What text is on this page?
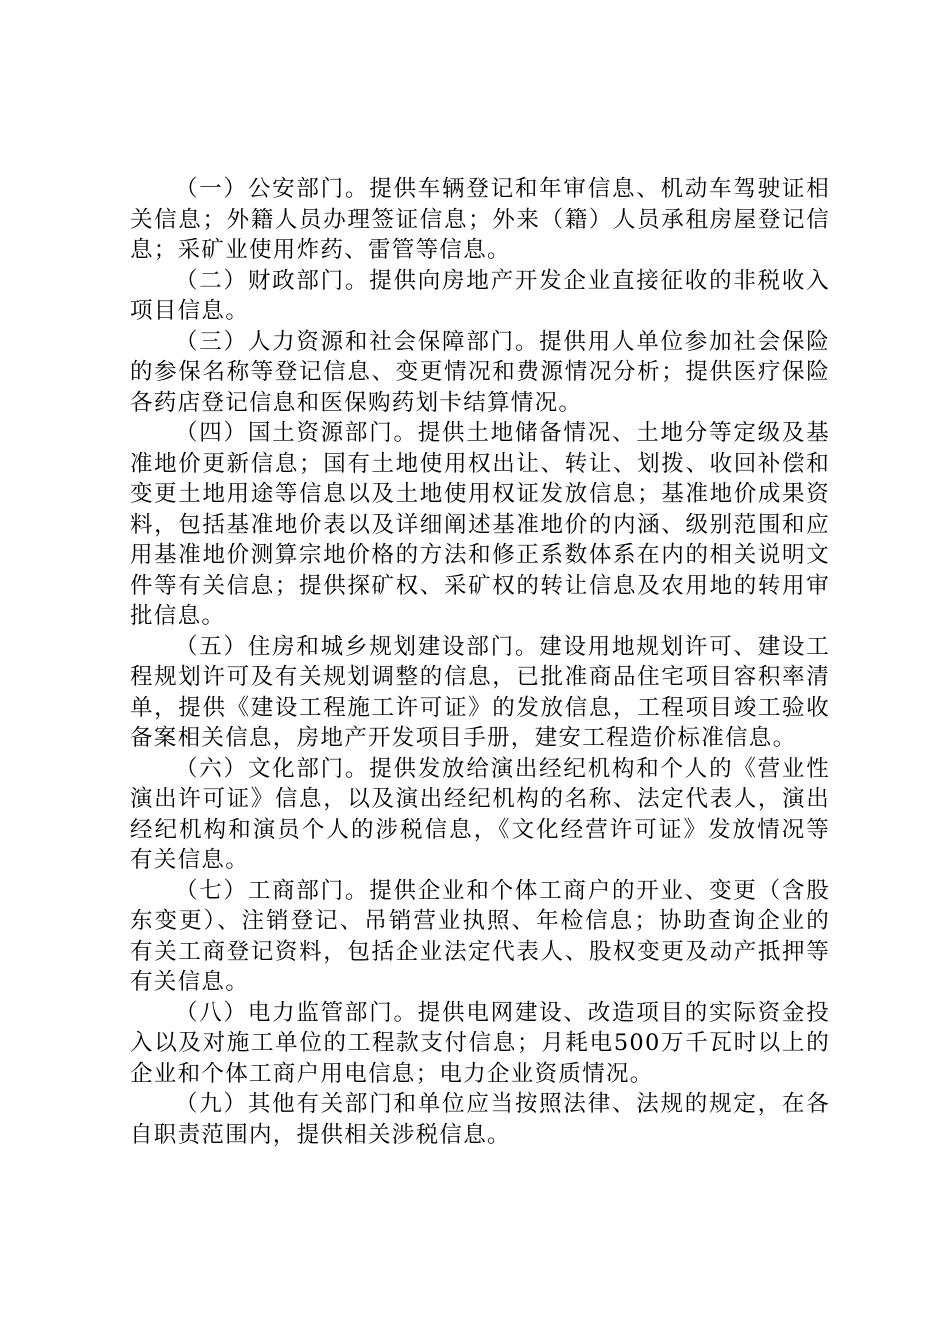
（一）公安部门。提供车辆登记和年审信息、机动车驾驶证相关信息；外籍人员办理签证信息；外来（籍）人员承租房屋登记信息；采矿业使用炸药、雷管等信息。

（二）财政部门。提供向房地产开发企业直接征收的非税收入项目信息。

（三）人力资源和社会保障部门。提供用人单位参加社会保险的参保名称等登记信息、变更情况和费源情况分析；提供医疗保险各药店登记信息和医保购药划卡结算情况。

（四）国土资源部门。提供土地储备情况、土地分等定级及基准地价更新信息；国有土地使用权出让、转让、划拨、收回补偿和变更土地用途等信息以及土地使用权证发放信息；基准地价成果资料，包括基准地价表以及详细阐述基准地价的内涵、级别范围和应用基准地价测算宗地价格的方法和修正系数体系在内的相关说明文件等有关信息；提供探矿权、采矿权的转让信息及农用地的转用审批信息。

（五）住房和城乡规划建设部门。建设用地规划许可、建设工程规划许可及有关规划调整的信息，已批准商品住宅项目容积率清单，提供《建设工程施工许可证》的发放信息，工程项目竣工验收备案相关信息，房地产开发项目手册，建安工程造价标准信息。

（六）文化部门。提供发放给演出经纪机构和个人的《营业性演出许可证》信息，以及演出经纪机构的名称、法定代表人，演出经纪机构和演员个人的涉税信息，《文化经营许可证》发放情况等有关信息。

（七）工商部门。提供企业和个体工商户的开业、变更（含股东变更）、注销登记、吊销营业执照、年检信息；协助查询企业的有关工商登记资料，包括企业法定代表人、股权变更及动产抵押等有关信息。

（八）电力监管部门。提供电网建设、改造项目的实际资金投入以及对施工单位的工程款支付信息；月耗电500万千瓦时以上的企业和个体工商户用电信息；电力企业资质情况。

（九）其他有关部门和单位应当按照法律、法规的规定，在各自职责范围内，提供相关涉税信息。
